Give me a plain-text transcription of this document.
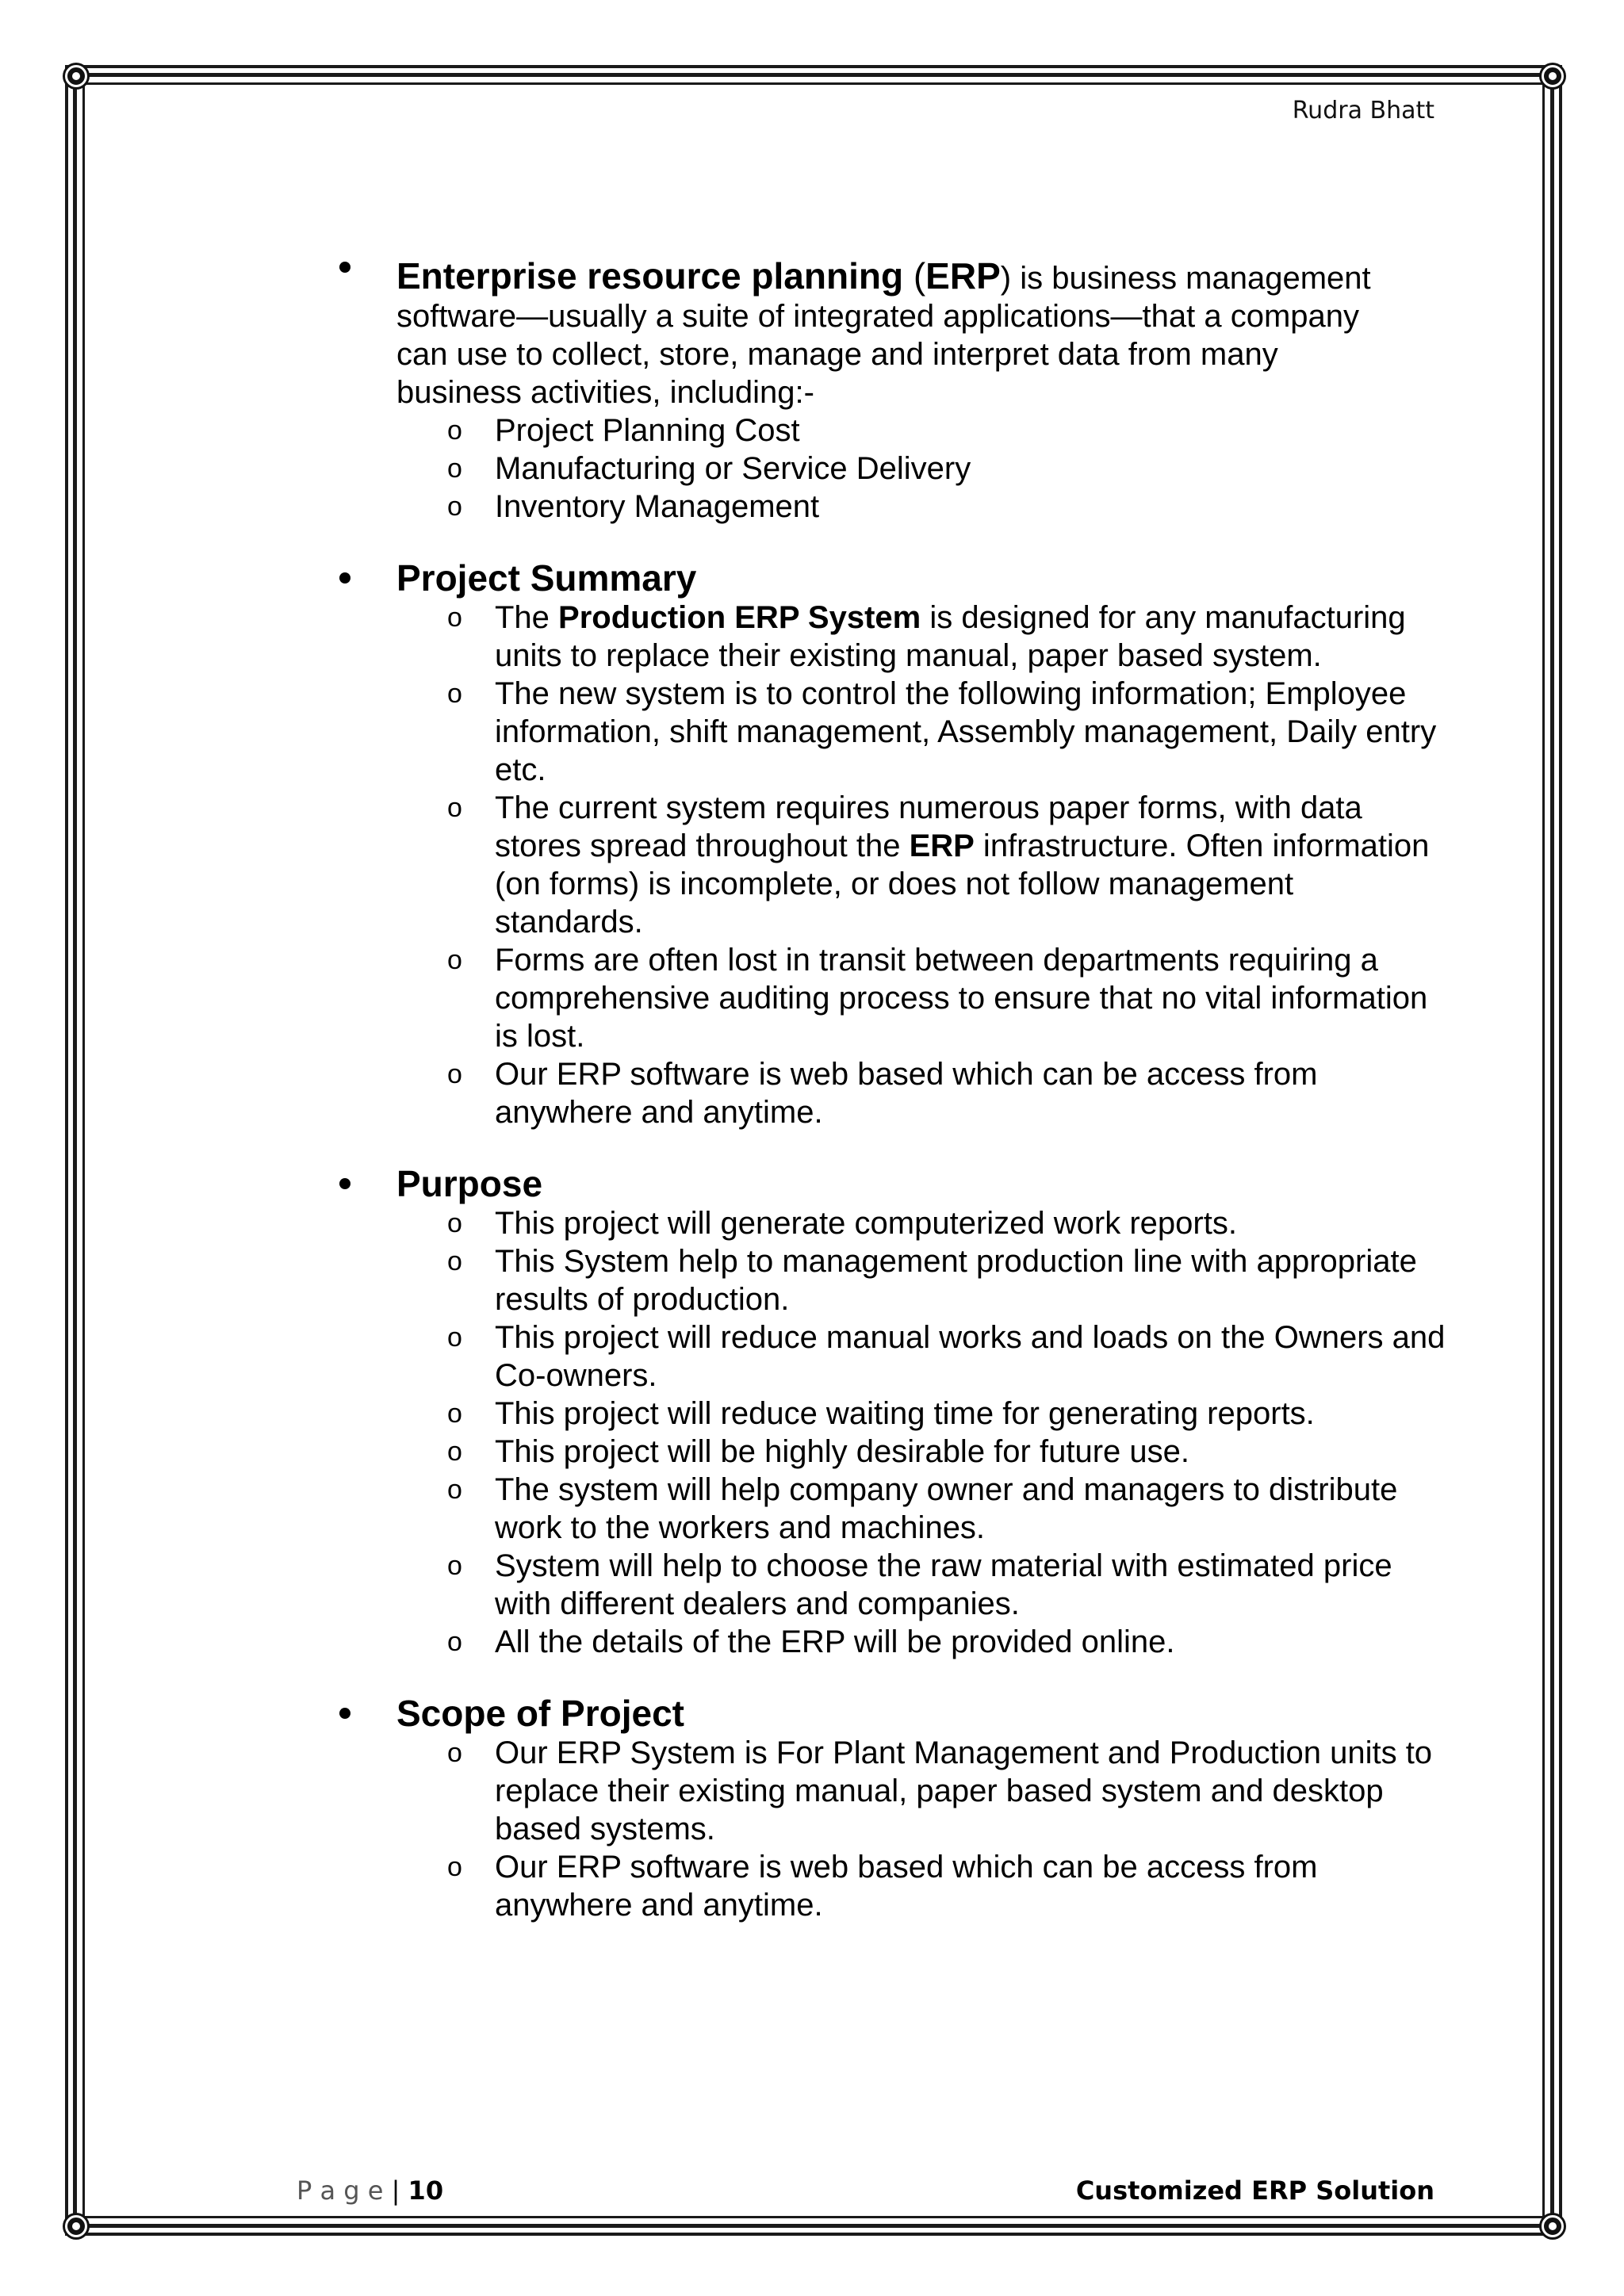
Rudra Bhatt
Enterprise resource planning (ERP) is business management
software—usually a suite of integrated applications—that a company
can use to collect, store, manage and interpret data from many
business activities, including:-
o Project Planning Cost
o Manufacturing or Service Delivery
o Inventory Management
Project Summary
o The Production ERP System is designed for any manufacturing units to replace their existing manual, paper based system.
o The new system is to control the following information; Employee information, shift management, Assembly management, Daily entry etc.
o The current system requires numerous paper forms, with data stores spread throughout the ERP infrastructure. Often information (on forms) is incomplete, or does not follow management standards.
o Forms are often lost in transit between departments requiring a comprehensive auditing process to ensure that no vital information is lost.
o Our ERP software is web based which can be access from anywhere and anytime.
Purpose
o This project will generate computerized work reports.
o This System help to management production line with appropriate results of production.
o This project will reduce manual works and loads on the Owners and Co-owners.
o This project will reduce waiting time for generating reports.
o This project will be highly desirable for future use.
o The system will help company owner and managers to distribute work to the workers and machines.
o System will help to choose the raw material with estimated price with different dealers and companies.
o All the details of the ERP will be provided online.
Scope of Project
o Our ERP System is For Plant Management and Production units to replace their existing manual, paper based system and desktop based systems.
o Our ERP software is web based which can be access from anywhere and anytime.
P a g e | 10	Customized ERP Solution
